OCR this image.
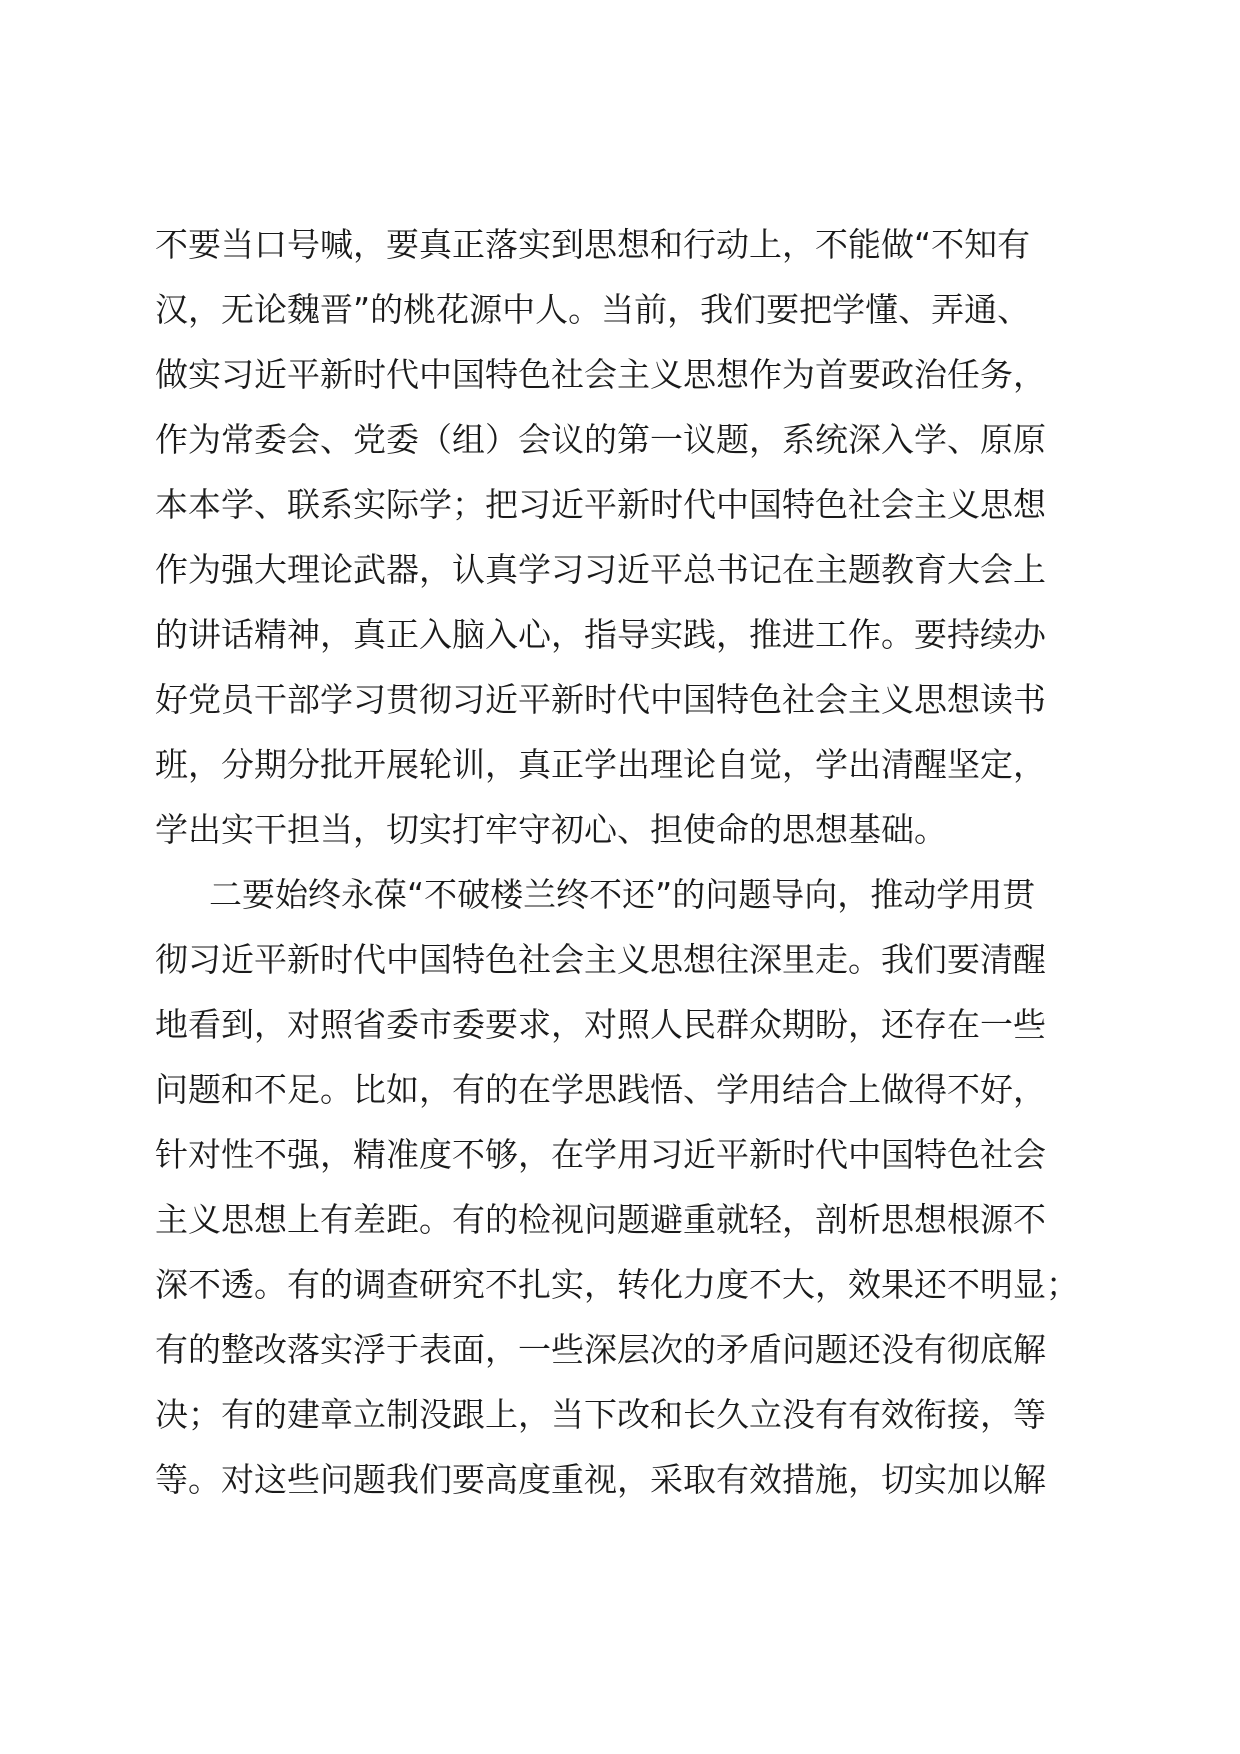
不要当口号喊，要真正落实到思想和行动上，不能做“不知有
汉，无论魏晋”的桃花源中人。当前，我们要把学懂、弄通、
做实习近平新时代中国特色社会主义思想作为首要政治任务，
作为常委会、党委（组）会议的第一议题，系统深入学、原原
本本学、联系实际学；把习近平新时代中国特色社会主义思想
作为强大理论武器，认真学习习近平总书记在主题教育大会上
的讲话精神，真正入脑入心，指导实践，推进工作。要持续办
好党员干部学习贯彻习近平新时代中国特色社会主义思想读书
班，分期分批开展轮训，真正学出理论自觉，学出清醒坚定，
学出实干担当，切实打牢守初心、担使命的思想基础。
二要始终永葆“不破楼兰终不还”的问题导向，推动学用贯
彻习近平新时代中国特色社会主义思想往深里走。我们要清醒
地看到，对照省委市委要求，对照人民群众期盼，还存在一些
问题和不足。比如，有的在学思践悟、学用结合上做得不好，
针对性不强，精准度不够，在学用习近平新时代中国特色社会
主义思想上有差距。有的检视问题避重就轻，剖析思想根源不
深不透。有的调查研究不扎实，转化力度不大，效果还不明显；
有的整改落实浮于表面，一些深层次的矛盾问题还没有彻底解
决；有的建章立制没跟上，当下改和长久立没有有效衔接，等
等。对这些问题我们要高度重视，采取有效措施，切实加以解
